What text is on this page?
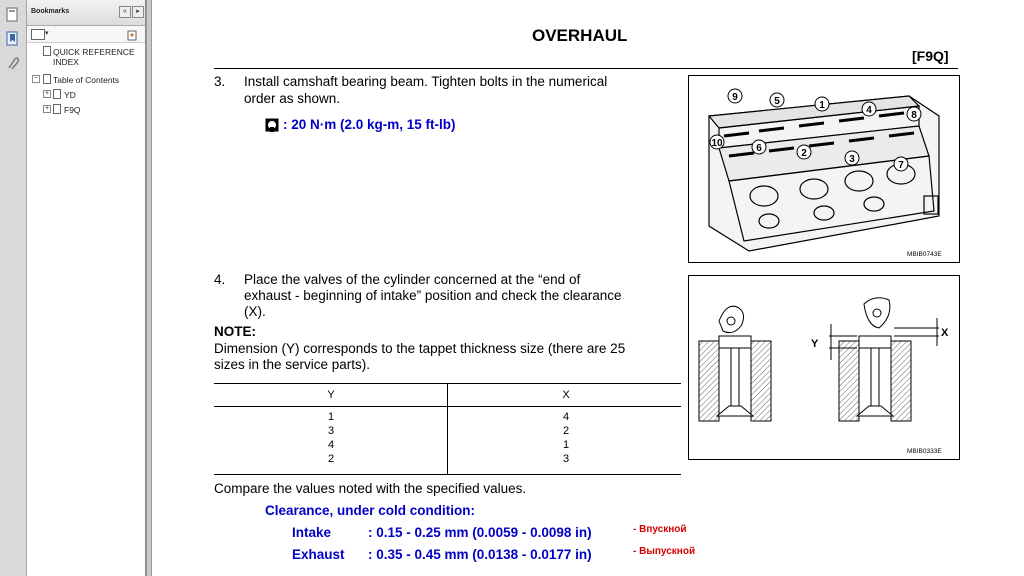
Bookmarks	«	▸
▾
QUICK REFERENCE INDEX
− Table of Contents
+ YD
+ F9Q
OVERHAUL
[F9Q]
3. Install camshaft bearing beam. Tighten bolts in the numerical
order as shown.
: 20 N·m (2.0 kg-m, 15 ft-lb)
9	5	1	4	8
10	6	2
3
7
MBIB0743E
4. Place the valves of the cylinder concerned at the “end of
exhaust - beginning of intake” position and check the clearance
(X).
NOTE:
Dimension (Y) corresponds to the tappet thickness size (there are 25
sizes in the service parts).
Y
X
MBIB0333E
Y	X
1	4
3	2
4	1
2	3
Compare the values noted with the specified values.
Clearance, under cold condition:
Intake	: 0.15 - 0.25 mm (0.0059 - 0.0098 in)	- Впускной
Exhaust : 0.35 - 0.45 mm (0.0138 - 0.0177 in)	- Выпускной
